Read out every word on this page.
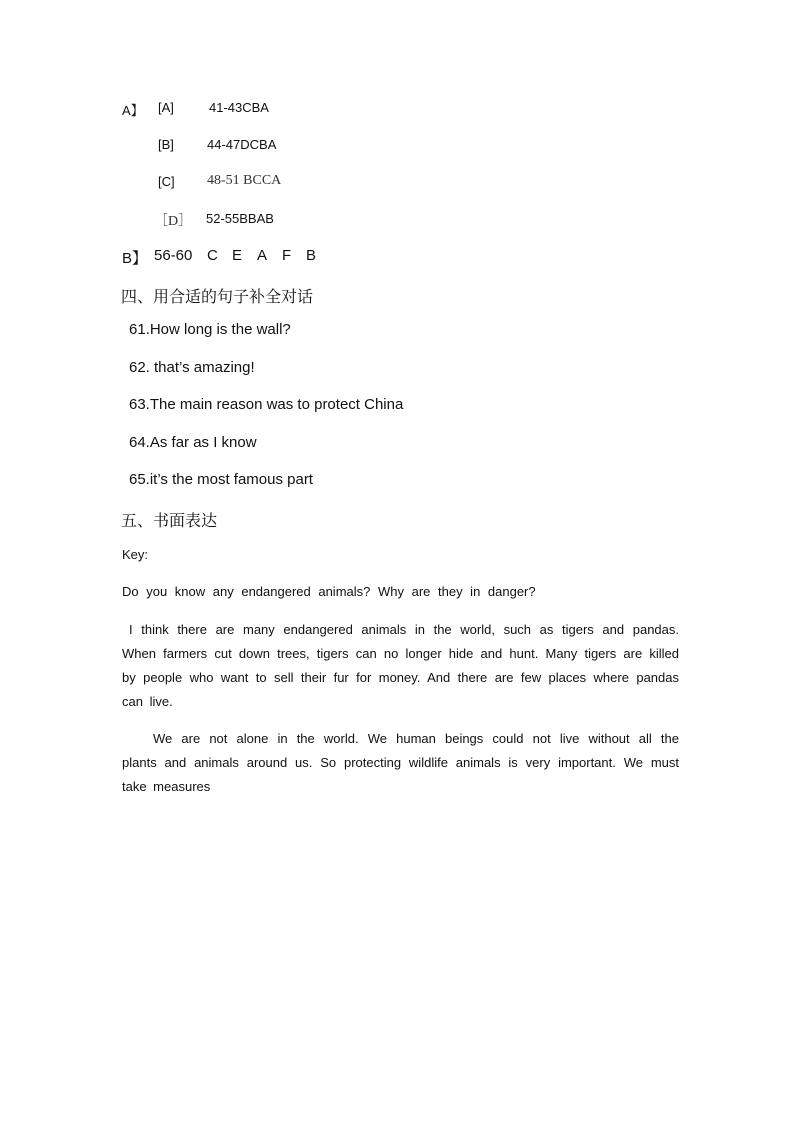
A】 [A]	41-43CBA
[B]	44-47DCBA
[C] 48-51 BCCA
［D］ 52-55BBAB
B】 56-60 C E A F B
四、用合适的句子补全对话
61.How long is the wall?
62. that’s amazing!
63.The main reason was to protect China
64.As far as I know
65.it’s the most famous part
五、书面表达
Key:
Do you know any endangered animals? Why are they in danger?
I think there are many endangered animals in the world, such as tigers and pandas. When farmers cut down trees, tigers can no longer hide and hunt. Many tigers are killed by people who want to sell their fur for money. And there are few places where pandas can live.
We are not alone in the world. We human beings could not live without all the plants and animals around us. So protecting wildlife animals is very important. We must take measures
